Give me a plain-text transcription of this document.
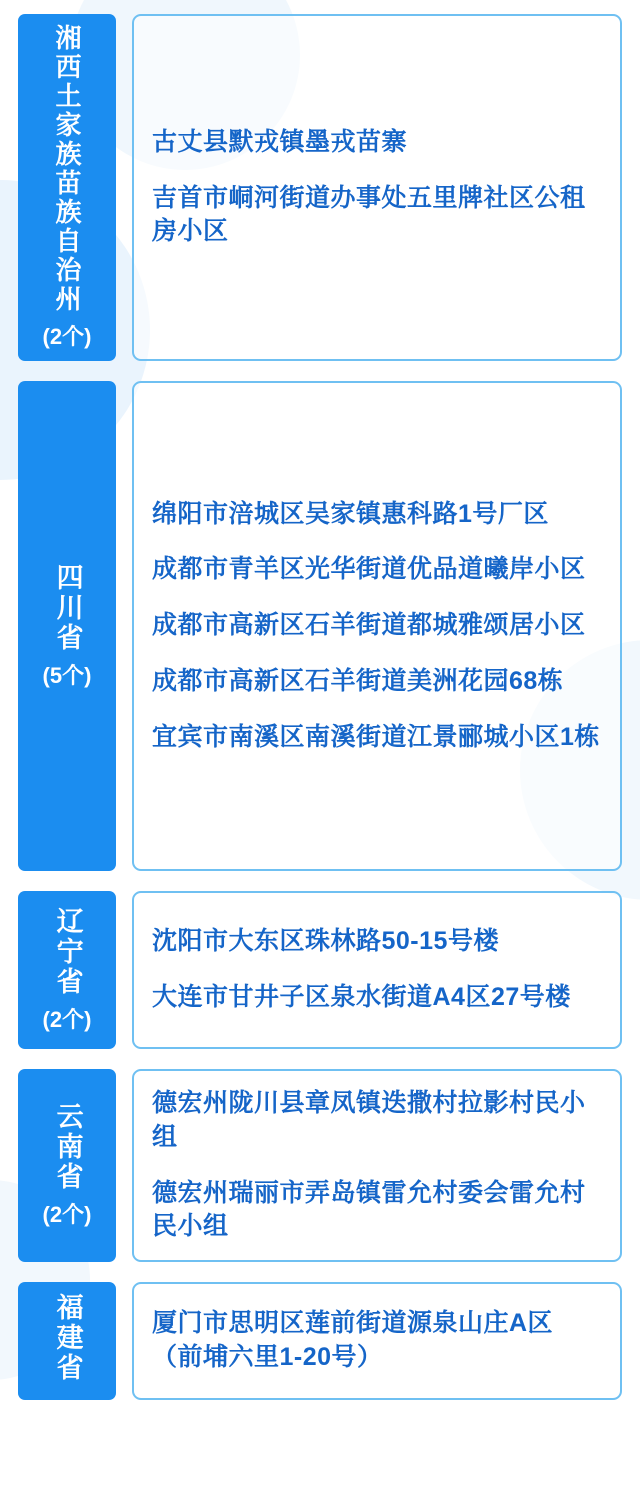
湘西土家族苗族自治州
(2个)
古丈县默戎镇墨戎苗寨
吉首市峒河街道办事处五里牌社区公租房小区
四川省
(5个)
绵阳市涪城区吴家镇惠科路1号厂区
成都市青羊区光华街道优品道曦岸小区
成都市高新区石羊街道都城雅颂居小区
成都市高新区石羊街道美洲花园68栋
宜宾市南溪区南溪街道江景郦城小区1栋
辽宁省
(2个)
沈阳市大东区珠林路50-15号楼
大连市甘井子区泉水街道A4区27号楼
云南省
(2个)
德宏州陇川县章凤镇迭撒村拉影村民小组
德宏州瑞丽市弄岛镇雷允村委会雷允村民小组
福建省	厦门市思明区莲前街道源泉山庄A区（前埔六里1-20号）
